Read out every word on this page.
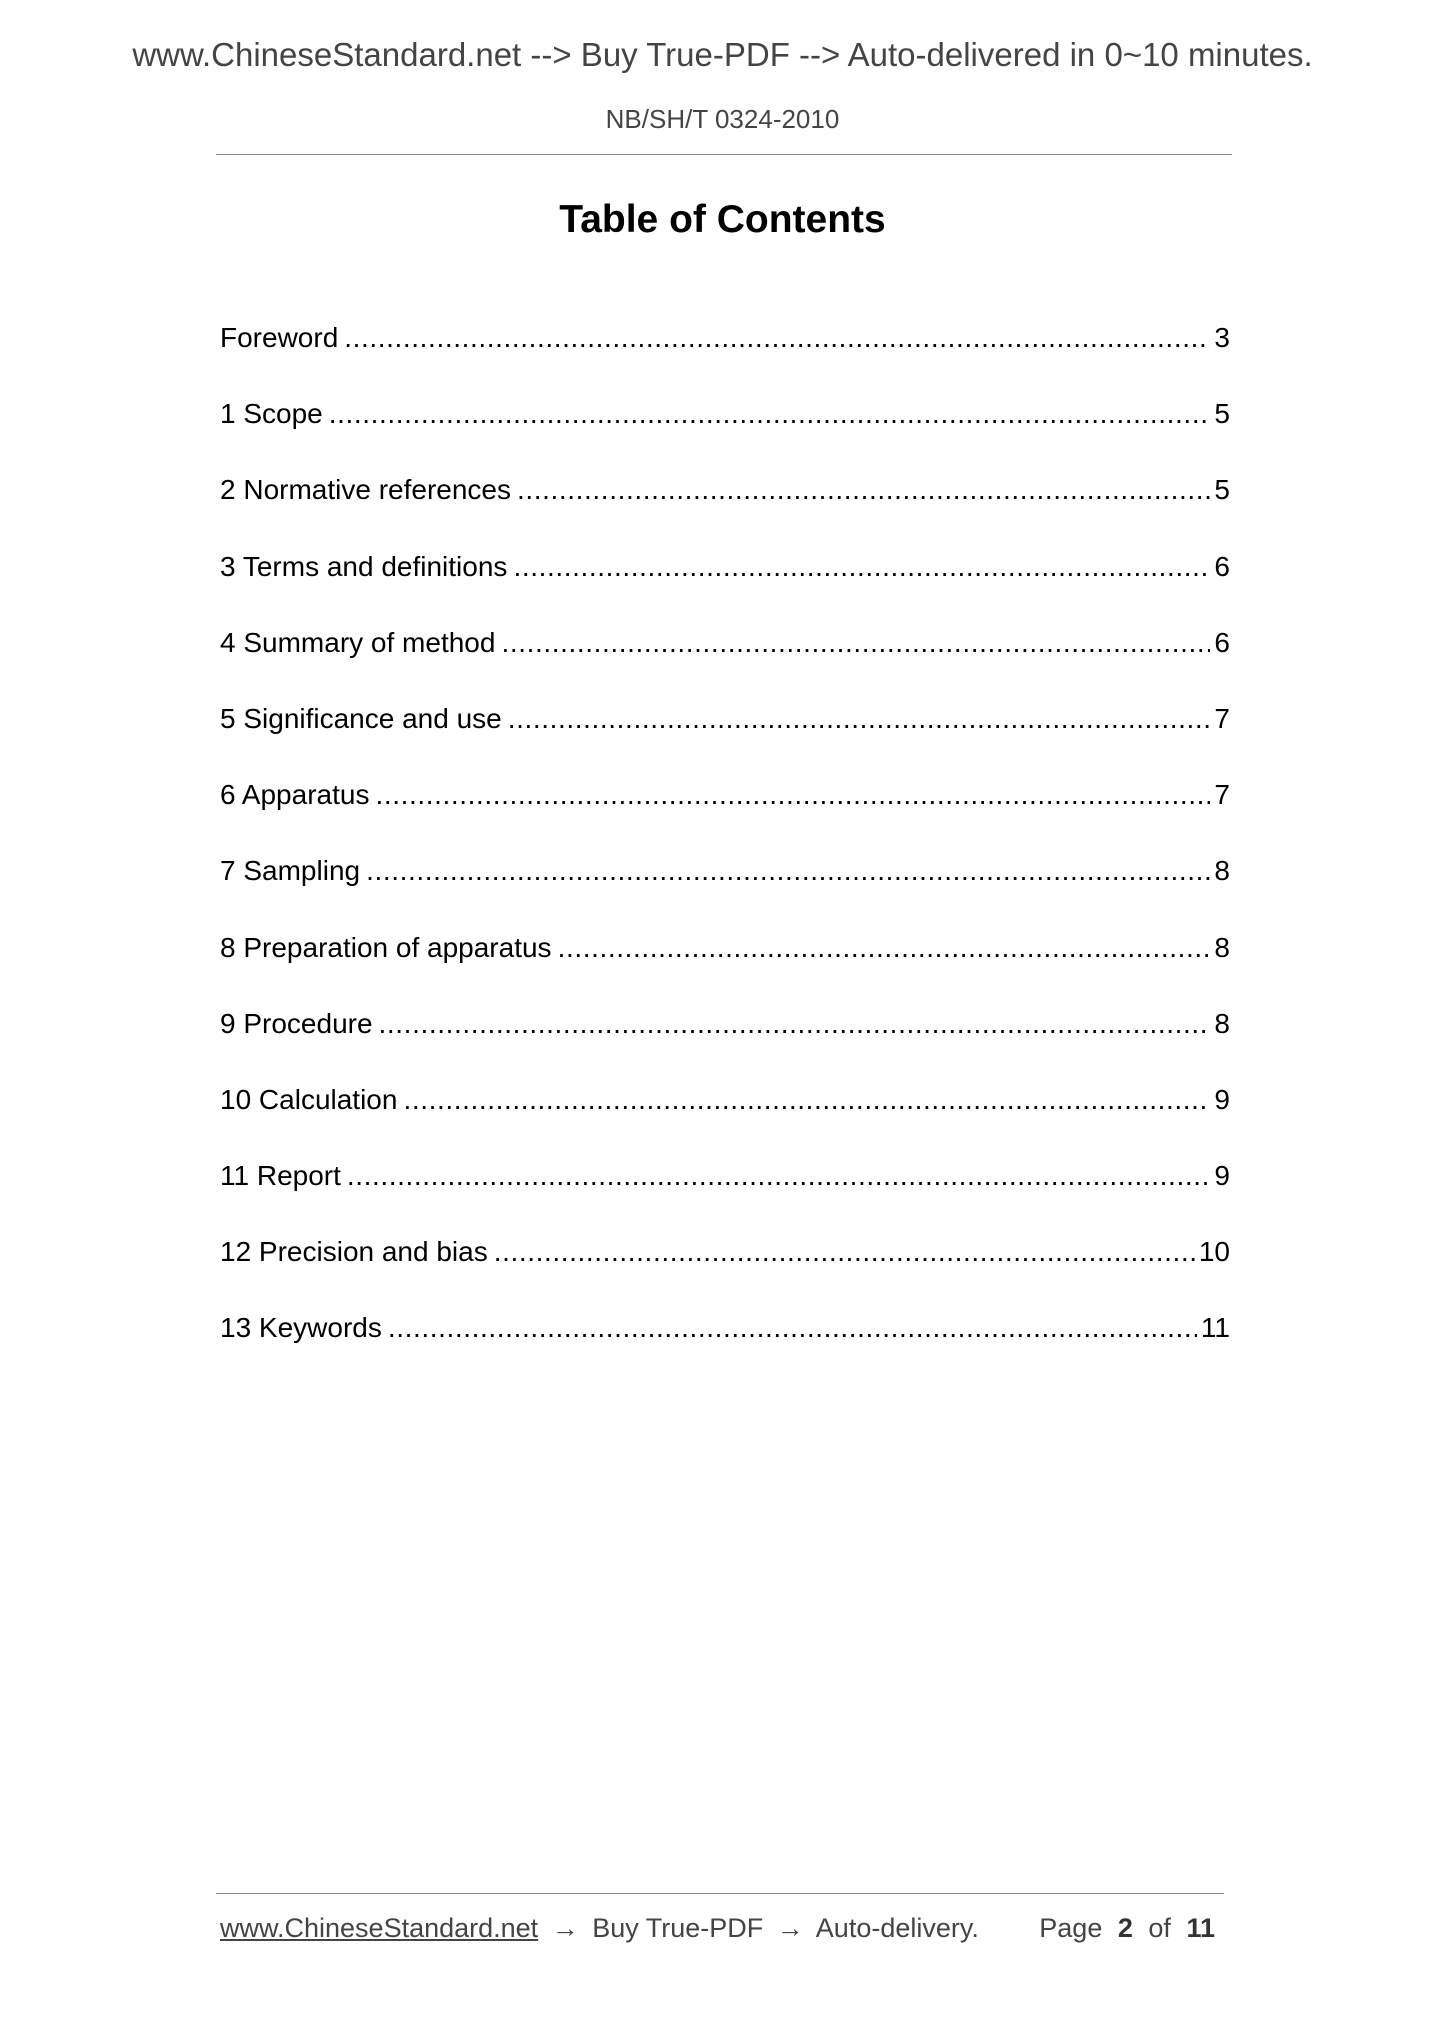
www.ChineseStandard.net --> Buy True-PDF --> Auto-delivered in 0~10 minutes.
NB/SH/T 0324-2010
Table of Contents
Foreword .....	3
1 Scope .....	5
2 Normative references .....	5
3 Terms and definitions .....	6
4 Summary of method .....	6
5 Significance and use .....	7
6 Apparatus .....	7
7 Sampling .....	8
8 Preparation of apparatus .....	8
9 Procedure .....	8
10 Calculation .....	9
11 Report .....	9
12 Precision and bias .....	10
13 Keywords .....	11
www.ChineseStandard.net → Buy True-PDF → Auto-delivery. Page 2 of 11
